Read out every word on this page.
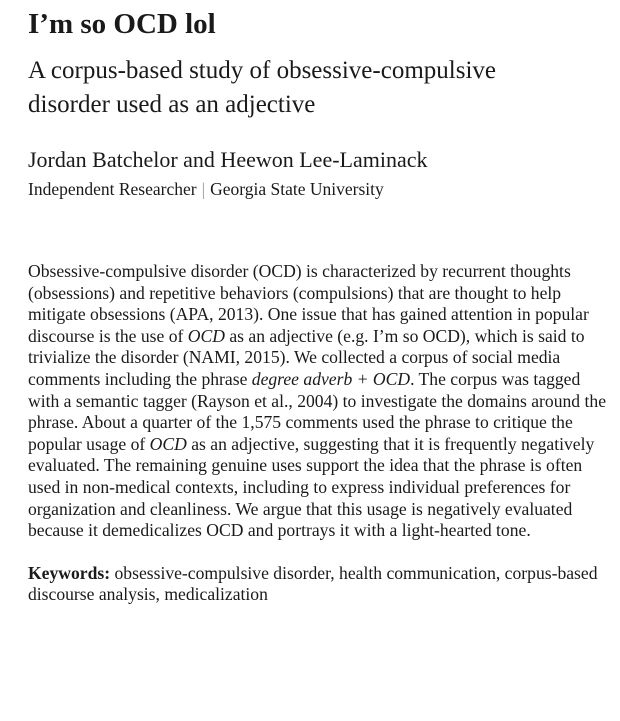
I’m so OCD lol
A corpus-based study of obsessive-compulsive
disorder used as an adjective
Jordan Batchelor and Heewon Lee-Laminack
Independent Researcher | Georgia State University

Obsessive-compulsive disorder (OCD) is characterized by recurrent thoughts (obsessions) and repetitive behaviors (compulsions) that are thought to help mitigate obsessions (APA, 2013). One issue that has gained attention in popular discourse is the use of OCD as an adjective (e.g. I’m so OCD), which is said to trivialize the disorder (NAMI, 2015). We collected a corpus of social media comments including the phrase degree adverb + OCD. The corpus was tagged with a semantic tagger (Rayson et al., 2004) to investigate the domains around the phrase. About a quarter of the 1,575 comments used the phrase to critique the popular usage of OCD as an adjective, suggesting that it is frequently negatively evaluated. The remaining genuine uses support the idea that the phrase is often used in non-medical contexts, including to express individual preferences for organization and cleanliness. We argue that this usage is negatively evaluated because it demedicalizes OCD and portrays it with a light-hearted tone.

Keywords: obsessive-compulsive disorder, health communication, corpus-based discourse analysis, medicalization
